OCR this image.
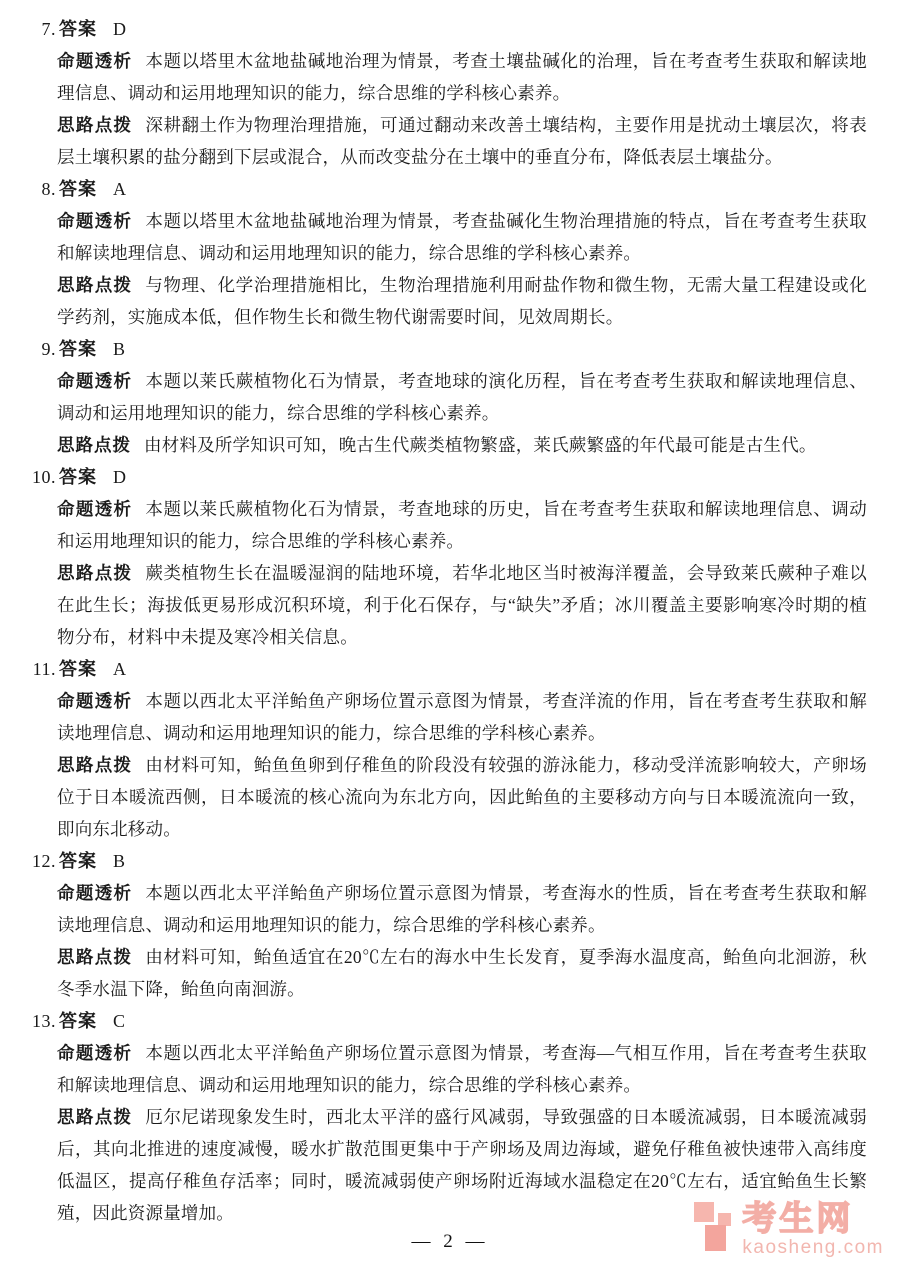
7. 答案 D

命题透析 本题以塔里木盆地盐碱地治理为情景，考查土壤盐碱化的治理，旨在考查考生获取和解读地理信息、调动和运用地理知识的能力，综合思维的学科核心素养。

思路点拨 深耕翻土作为物理治理措施，可通过翻动来改善土壤结构，主要作用是扰动土壤层次，将表层土壤积累的盐分翻到下层或混合，从而改变盐分在土壤中的垂直分布，降低表层土壤盐分。

8. 答案 A

命题透析 本题以塔里木盆地盐碱地治理为情景，考查盐碱化生物治理措施的特点，旨在考查考生获取和解读地理信息、调动和运用地理知识的能力，综合思维的学科核心素养。

思路点拨 与物理、化学治理措施相比，生物治理措施利用耐盐作物和微生物，无需大量工程建设或化学药剂，实施成本低，但作物生长和微生物代谢需要时间，见效周期长。

9. 答案 B

命题透析 本题以莱氏蕨植物化石为情景，考查地球的演化历程，旨在考查考生获取和解读地理信息、调动和运用地理知识的能力，综合思维的学科核心素养。

思路点拨 由材料及所学知识可知，晚古生代蕨类植物繁盛，莱氏蕨繁盛的年代最可能是古生代。

10. 答案 D

命题透析 本题以莱氏蕨植物化石为情景，考查地球的历史，旨在考查考生获取和解读地理信息、调动和运用地理知识的能力，综合思维的学科核心素养。

思路点拨 蕨类植物生长在温暖湿润的陆地环境，若华北地区当时被海洋覆盖，会导致莱氏蕨种子难以在此生长；海拔低更易形成沉积环境，利于化石保存，与“缺失”矛盾；冰川覆盖主要影响寒冷时期的植物分布，材料中未提及寒冷相关信息。

11. 答案 A

命题透析 本题以西北太平洋鲐鱼产卵场位置示意图为情景，考查洋流的作用，旨在考查考生获取和解读地理信息、调动和运用地理知识的能力，综合思维的学科核心素养。

思路点拨 由材料可知，鲐鱼鱼卵到仔稚鱼的阶段没有较强的游泳能力，移动受洋流影响较大，产卵场位于日本暖流西侧，日本暖流的核心流向为东北方向，因此鲐鱼的主要移动方向与日本暖流流向一致，即向东北移动。

12. 答案 B

命题透析 本题以西北太平洋鲐鱼产卵场位置示意图为情景，考查海水的性质，旨在考查考生获取和解读地理信息、调动和运用地理知识的能力，综合思维的学科核心素养。

思路点拨 由材料可知，鲐鱼适宜在20℃左右的海水中生长发育，夏季海水温度高，鲐鱼向北洄游，秋冬季水温下降，鲐鱼向南洄游。

13. 答案 C

命题透析 本题以西北太平洋鲐鱼产卵场位置示意图为情景，考查海—气相互作用，旨在考查考生获取和解读地理信息、调动和运用地理知识的能力，综合思维的学科核心素养。

思路点拨 厄尔尼诺现象发生时，西北太平洋的盛行风减弱，导致强盛的日本暖流减弱，日本暖流减弱后，其向北推进的速度减慢，暖水扩散范围更集中于产卵场及周边海域，避免仔稚鱼被快速带入高纬度低温区，提高仔稚鱼存活率；同时，暖流减弱使产卵场附近海域水温稳定在20℃左右，适宜鲐鱼生长繁殖，因此资源量增加。

— 2 —
考生网
kaosheng.com
